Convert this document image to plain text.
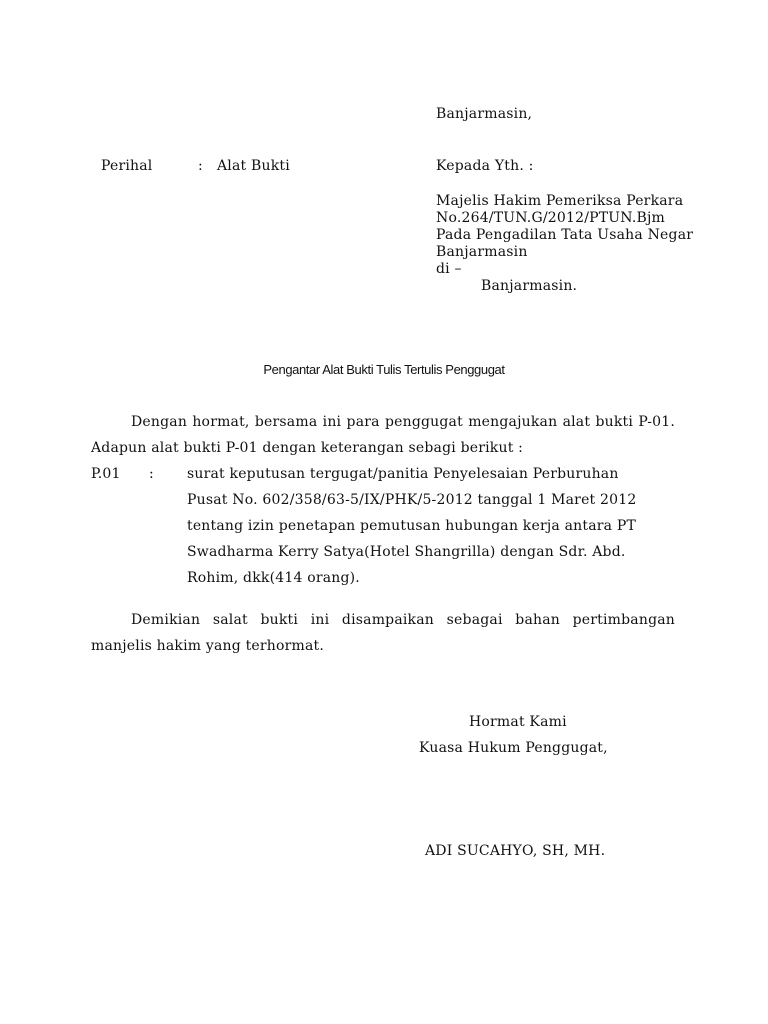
Banjarmasin,
Perihal	: Alat Bukti	Kepada Yth. :
Majelis Hakim Pemeriksa Perkara
No.264/TUN.G/2012/PTUN.Bjm
Pada Pengadilan Tata Usaha Negar
Banjarmasin
di –
Banjarmasin.
Pengantar Alat Bukti Tulis Tertulis Penggugat
Dengan hormat, bersama ini para penggugat mengajukan alat bukti P-01. Adapun alat bukti P-01 dengan keterangan sebagi berikut :
P.01 : surat keputusan tergugat/panitia Penyelesaian Perburuhan
Pusat No. 602/358/63-5/IX/PHK/5-2012 tanggal 1 Maret 2012
tentang izin penetapan pemutusan hubungan kerja antara PT
Swadharma Kerry Satya(Hotel Shangrilla) dengan Sdr. Abd.
Rohim, dkk(414 orang).
Demikian salat bukti ini disampaikan sebagai bahan pertimbangan manjelis hakim yang terhormat.
Hormat Kami
Kuasa Hukum Penggugat,
ADI SUCAHYO, SH, MH.
